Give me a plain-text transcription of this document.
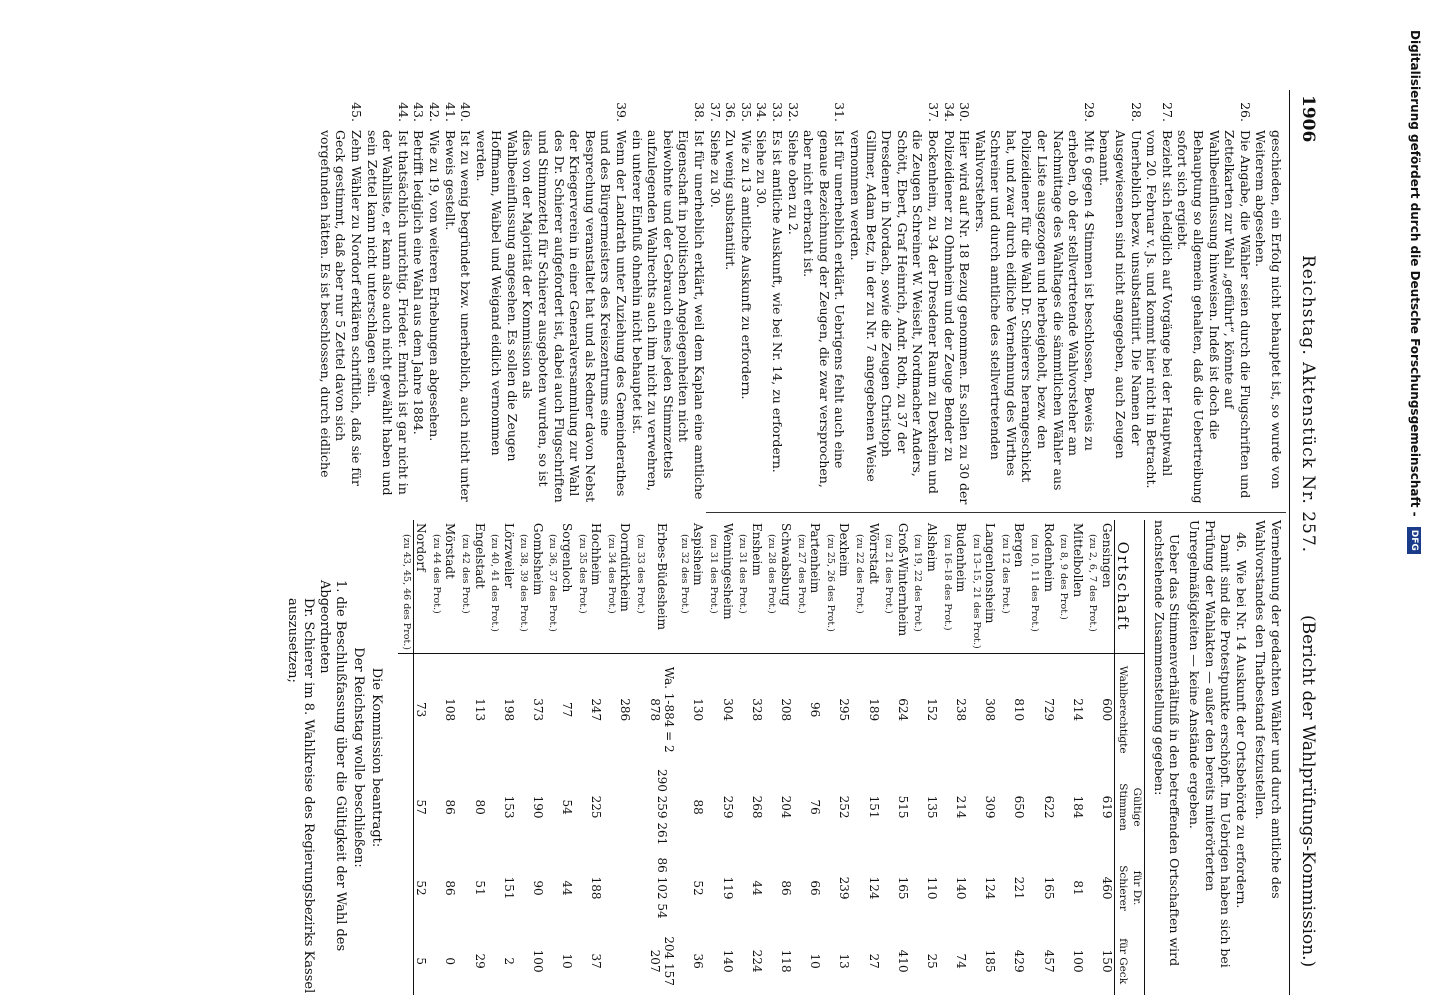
1906
Reichstag. Aktenstück Nr. 257.
(Bericht der Wahlprüfungs-Kommission.)

geschieden, ein Erfolg nicht behauptet ist, so wurde von Weiterem abgesehen.

26.

Die Angabe, die Wähler seien durch die Flugschriften und Zettelkarten zur Wahl „geführt“, könnte auf Wahlbeeinflussung hinweisen. Indeß ist doch die Behauptung so allgemein gehalten, daß die Uebertreibung sofort sich ergiebt.

27.

Bezieht sich lediglich auf Vorgänge bei der Hauptwahl vom 20. Februar v. Js. und kommt hier nicht in Betracht.

28.

Unerheblich bezw. unsubstantiirt. Die Namen der Ausgewiesenen sind nicht angegeben, auch Zeugen benannt.

29.

Mit 6 gegen 4 Stimmen ist beschlossen, Beweis zu erheben, ob der stellvertretende Wahlvorsteher am Nachmittage des Wahltages die sämmtlichen Wähler aus der Liste ausgezogen und herbeigeholt, bezw. den Polizeidiener für die Wahl Dr. Schierers herangeschickt hat, und zwar durch eidliche Vernehmung des Wirthes Schreiner und durch amtliche des stellvertretenden Wahlvorstehers.

30. 34. 37.

Hier wird auf Nr. 18 Bezug genommen. Es sollen zu 30 der Polizeidiener zu Ohmheim und der Zeuge Bender zu Bockenheim, zu 34 der Dresdener Raum zu Dexheim und die Zeugen Schreiner W. Weiselt, Nordmacher Anders, Schött, Ebert, Graf Heinrich, Andr. Roth, zu 37 der Dresdener in Nordach, sowie die Zeugen Christoph Gillmer, Adam Betz, in der zu Nr. 7 angegebenen Weise vernommen werden.

31.

Ist für unerheblich erklärt. Uebrigens fehlt auch eine genaue Bezeichnung der Zeugen, die zwar versprochen, aber nicht erbracht ist.

32.

Siehe oben zu 2.

33.

Es ist amtliche Auskunft, wie bei Nr. 14, zu erfordern.

34.

Siehe zu 30.

35.

Wie zu 13 amtliche Auskunft zu erfordern.

36.

Zu wenig substantiirt.

37.

Siehe zu 30.

38.

Ist für unerheblich erklärt, weil dem Kaplan eine amtliche Eigenschaft in politischen Angelegenheiten nicht beiwohnte und der Gebrauch eines jeden Stimmzettels aufzulegenden Wahlrechts auch ihm nicht zu verwehren, ein unterer Einfluß ohnehin nicht behauptet ist.

39.

Wenn der Landrath unter Zuziehung des Gemeinderathes und des Bürgermeisters des Kreiszentrums eine Besprechung veranstaltet hat und als Redner davon Nebst der Kriegerverein in einer Generalversammlung zur Wahl des Dr. Schierer aufgefordert ist, dabei auch Flugschriften und Stimmzettel für Schierer ausgeboten wurden, so ist dies von der Majorität der Kommission als Wahlbeeinflussung angesehen. Es sollen die Zeugen Hoffmann, Waibel und Weigand eidlich vernommen werden.

40. 41.

Ist zu wenig begründet bzw. unerheblich, auch nicht unter Beweis gestellt.

42.

Wie zu 19, von weiteren Erhebungen abgesehen.

43.

Betrifft lediglich eine Wahl aus dem Jahre 1884.

44.

Ist thatsächlich unrichtig. Frieder. Emrich ist gar nicht in der Wahlliste, er kann also auch nicht gewählt haben und sein Zettel kann nicht unterschlagen sein.

45.

Zehn Wähler zu Nordorf erklären schriftlich, daß sie für Geck gestimmt, daß aber nur 5 Zettel davon sich vorgefunden hätten. Es ist beschlossen, durch eidliche

Vernehmung der gedachten Wähler und durch amtliche des Wahlvorstandes den Thatbestand festzustellen.

46.

Wie bei Nr. 14 Auskunft der Ortsbehörde zu erfordern.

Damit sind die Protestpunkte erschöpft. Im Uebrigen haben sich bei Prüfung der Wahlakten — außer den bereits miterörterten Unregelmäßigkeiten — keine Anstände ergeben.

Ueber das Stimmenverhältniß in den betreffenden Ortschaften wird nachstehende Zusammenstellung gegeben:

Ortschaft	Wahlberechtigte	Gültige Stimmen	für Dr. Schierer	für Geck
Gensingen	600	619	460	150
(zu 2, 6, 7 des Prot.)				
Mittelbollen	214	184	81	100
(zu 8, 9 des Prot.)				
Rodenheim	729	622	165	457
(zu 10, 11 des Prot.)				
Bergen	810	650	221	429
(zu 12 des Prot.)				
Langenlonsheim	308	309	124	185
(zu 13–15, 21 des Prot.)				
Budenheim	238	214	140	74
(zu 16–18 des Prot.)				
Alsheim	152	135	110	25
(zu 19, 22 des Prot.)				
Groß-Winternheim	624	515	165	410
(zu 21 des Prot.)				
Wörrstadt	189	151	124	27
(zu 22 des Prot.)				
Dexheim	295	252	239	13
(zu 25, 26 des Prot.)				
Partenheim	96	76	66	10
(zu 27 des Prot.)				
Schwabsburg	208	204	86	118
(zu 28 des Prot.)				
Ensheim	328	268	44	224
(zu 31 des Prot.)				
Wenningesheim	304	259	119	140
(zu 31 des Prot.)				
Aspisheim	130	88	52	36
(zu 32 des Prot.)				
Erbes-Büdesheim	Wa. 1-884 = 2 878	290 259 261	86 102 54	204 157 207
(zu 33 des Prot.)				
Dorndürkheim	286			
(zu 34 des Prot.)				
Hochheim	247	225	188	37
(zu 35 des Prot.)				
Sorgenloch	77	54	44	10
(zu 36, 37 des Prot.)				
Gombsheim	373	190	90	100
(zu 38, 39 des Prot.)				
Lörzweiler	198	153	151	2
(zu 40, 41 des Prot.)				
Engelstadt	113	80	51	29
(zu 42 des Prot.)				
Mörstadt	108	86	86	0
(zu 44 des Prot.)				
Nordorf	73	57	52	5
(zu 43, 45, 46 des Prot.)				
Die Kommission beantragt:
Der Reichstag wolle beschließen:
1. die Beschlußfassung über die Gültigkeit der Wahl des Abgeordneten
Dr. Schierer im 8. Wahlkreise des Regierungsbezirks Kassel auszusetzen;
Digitalisierung gefördert durch die Deutsche Forschungsgemeinschaft - DFG
